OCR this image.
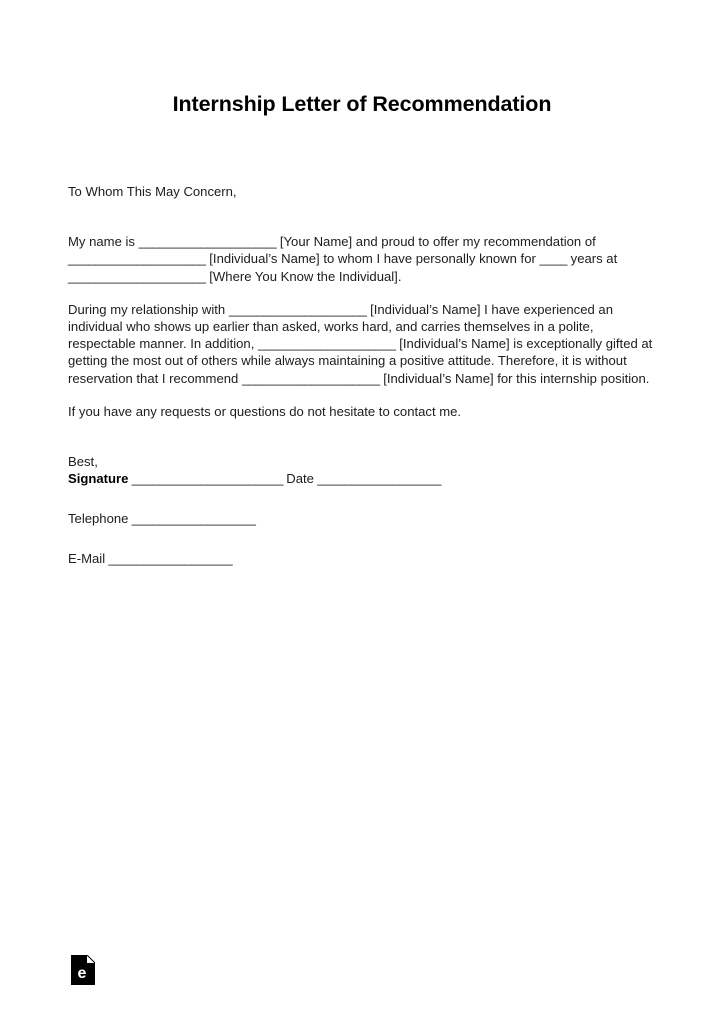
Internship Letter of Recommendation

To Whom This May Concern,

My name is ____________________ [Your Name] and proud to offer my recommendation of ____________________ [Individual’s Name] to whom I have personally known for ____ years at ____________________ [Where You Know the Individual].

During my relationship with ____________________ [Individual’s Name] I have experienced an individual who shows up earlier than asked, works hard, and carries themselves in a polite, respectable manner. In addition, ____________________ [Individual’s Name] is exceptionally gifted at getting the most out of others while always maintaining a positive attitude. Therefore, it is without reservation that I recommend ____________________ [Individual’s Name] for this internship position.

If you have any requests or questions do not hesitate to contact me.

Best,

Signature ______________________ Date __________________
Telephone __________________
E-Mail __________________
e
